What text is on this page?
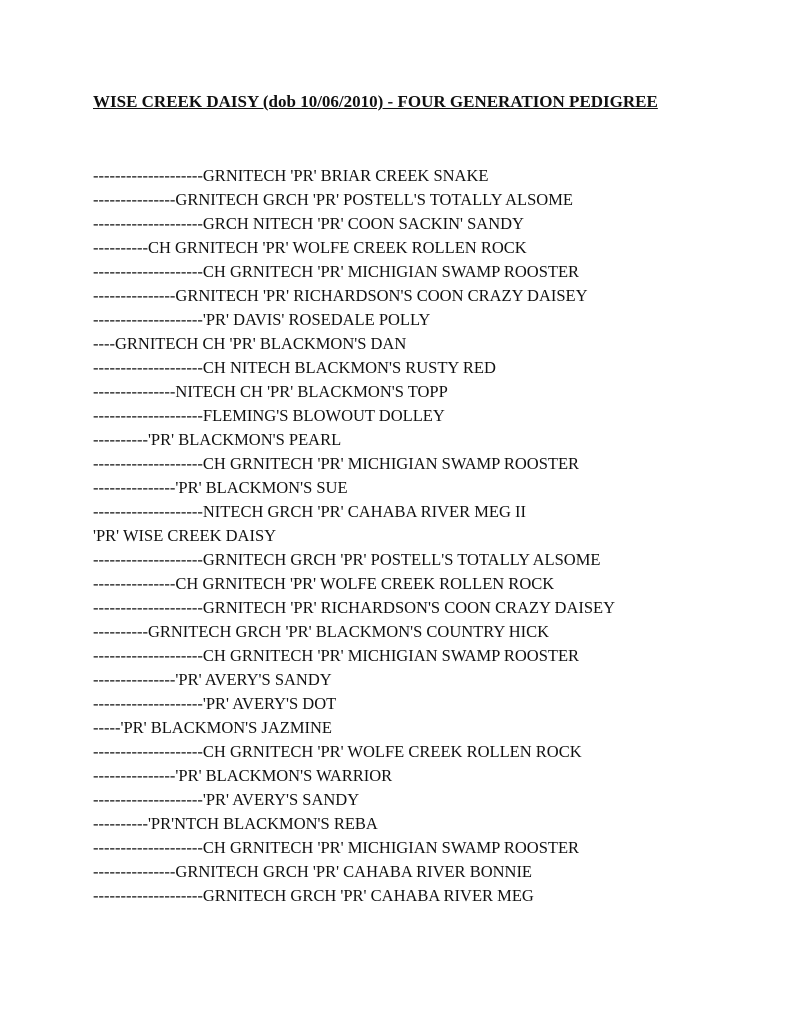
WISE CREEK DAISY (dob 10/06/2010) - FOUR GENERATION PEDIGREE
--------------------GRNITECH 'PR' BRIAR CREEK SNAKE
---------------GRNITECH GRCH 'PR' POSTELL'S TOTALLY ALSOME
--------------------GRCH NITECH 'PR' COON SACKIN' SANDY
----------CH GRNITECH 'PR' WOLFE CREEK ROLLEN ROCK
--------------------CH GRNITECH 'PR' MICHIGIAN SWAMP ROOSTER
---------------GRNITECH 'PR' RICHARDSON'S COON CRAZY DAISEY
--------------------'PR' DAVIS' ROSEDALE POLLY
----GRNITECH CH 'PR' BLACKMON'S DAN
--------------------CH NITECH BLACKMON'S RUSTY RED
---------------NITECH CH 'PR' BLACKMON'S TOPP
--------------------FLEMING'S BLOWOUT DOLLEY
----------'PR' BLACKMON'S PEARL
--------------------CH GRNITECH 'PR' MICHIGIAN SWAMP ROOSTER
---------------'PR' BLACKMON'S SUE
--------------------NITECH GRCH 'PR' CAHABA RIVER MEG II
'PR' WISE CREEK DAISY
--------------------GRNITECH GRCH 'PR' POSTELL'S TOTALLY ALSOME
---------------CH GRNITECH 'PR' WOLFE CREEK ROLLEN ROCK
--------------------GRNITECH 'PR' RICHARDSON'S COON CRAZY DAISEY
----------GRNITECH GRCH 'PR' BLACKMON'S COUNTRY HICK
--------------------CH GRNITECH 'PR' MICHIGIAN SWAMP ROOSTER
---------------'PR' AVERY'S SANDY
--------------------'PR' AVERY'S DOT
-----'PR' BLACKMON'S JAZMINE
--------------------CH GRNITECH 'PR' WOLFE CREEK ROLLEN ROCK
---------------'PR' BLACKMON'S WARRIOR
--------------------'PR' AVERY'S SANDY
----------'PR'NTCH BLACKMON'S REBA
--------------------CH GRNITECH 'PR' MICHIGIAN SWAMP ROOSTER
---------------GRNITECH GRCH 'PR' CAHABA RIVER BONNIE
--------------------GRNITECH GRCH 'PR' CAHABA RIVER MEG
